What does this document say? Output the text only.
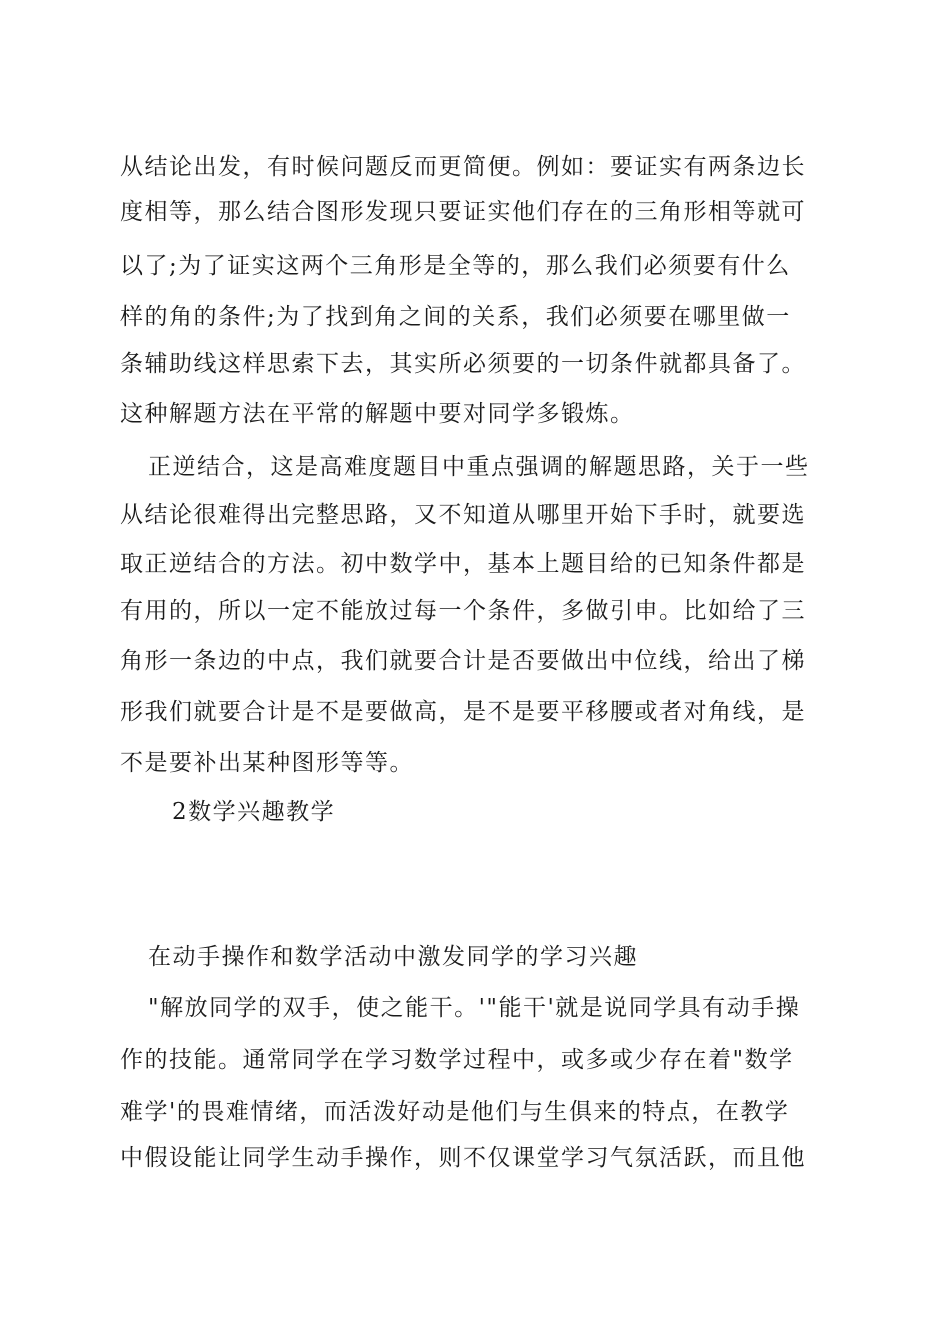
从结论出发，有时候问题反而更简便。例如：要证实有两条边长
度相等，那么结合图形发现只要证实他们存在的三角形相等就可
以了;为了证实这两个三角形是全等的，那么我们必须要有什么
样的角的条件;为了找到角之间的关系，我们必须要在哪里做一
条辅助线这样思索下去，其实所必须要的一切条件就都具备了。
这种解题方法在平常的解题中要对同学多锻炼。
正逆结合，这是高难度题目中重点强调的解题思路，关于一些
从结论很难得出完整思路，又不知道从哪里开始下手时，就要选
取正逆结合的方法。初中数学中，基本上题目给的已知条件都是
有用的，所以一定不能放过每一个条件，多做引申。比如给了三
角形一条边的中点，我们就要合计是否要做出中位线，给出了梯
形我们就要合计是不是要做高，是不是要平移腰或者对角线，是
不是要补出某种图形等等。
2数学兴趣教学
在动手操作和数学活动中激发同学的学习兴趣
"解放同学的双手，使之能干。'"能干'就是说同学具有动手操
作的技能。通常同学在学习数学过程中，或多或少存在着"数学
难学'的畏难情绪，而活泼好动是他们与生俱来的特点，在教学
中假设能让同学生动手操作，则不仅课堂学习气氛活跃，而且他
